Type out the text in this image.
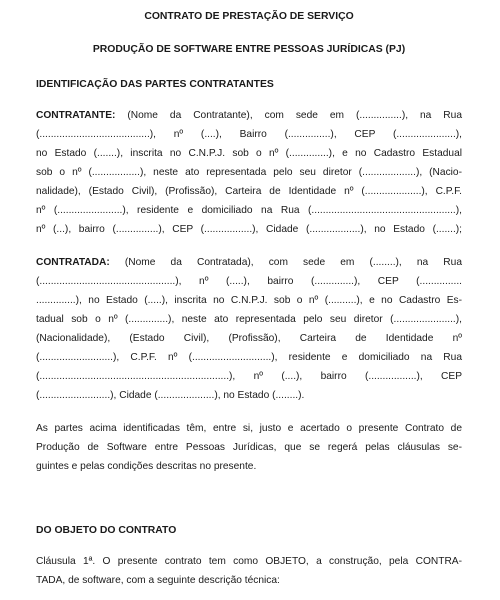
CONTRATO DE PRESTAÇÃO DE SERVIÇO
PRODUÇÃO DE SOFTWARE ENTRE PESSOAS JURÍDICAS (PJ)
IDENTIFICAÇÃO DAS PARTES CONTRATANTES
CONTRATANTE: (Nome da Contratante), com sede em (...............), na Rua
(.......................................), nº (....), Bairro (...............), CEP (.....................),
no Estado (.......), inscrita no C.N.P.J. sob o nº (..............), e no Cadastro Estadual
sob o nº (.................), neste ato representada pelo seu diretor (...................), (Nacio-
nalidade), (Estado Civil), (Profissão), Carteira de Identidade nº (....................), C.P.F.
nº (.......................), residente e domiciliado na Rua (...................................................),
nº (...), bairro (...............), CEP (.................), Cidade (..................), no Estado (.......);
CONTRATADA: (Nome da Contratada), com sede em (........), na Rua
(................................................), nº (.....), bairro (..............), CEP (...............
..............), no Estado (.....), inscrita no C.N.P.J. sob o nº (..........), e no Cadastro Es-
tadual sob o nº (..............), neste ato representada pelo seu diretor (......................),
(Nacionalidade), (Estado Civil), (Profissão), Carteira de Identidade nº
(..........................), C.P.F. nº (............................), residente e domiciliado na Rua
(...................................................................), nº (....), bairro (.................), CEP
(.........................), Cidade (....................), no Estado (........).
As partes acima identificadas têm, entre si, justo e acertado o presente Contrato de
Produção de Software entre Pessoas Jurídicas, que se regerá pelas cláusulas se-
guintes e pelas condições descritas no presente.
DO OBJETO DO CONTRATO
Cláusula 1ª. O presente contrato tem como OBJETO, a construção, pela CONTRA-
TADA, de software, com a seguinte descrição técnica:
